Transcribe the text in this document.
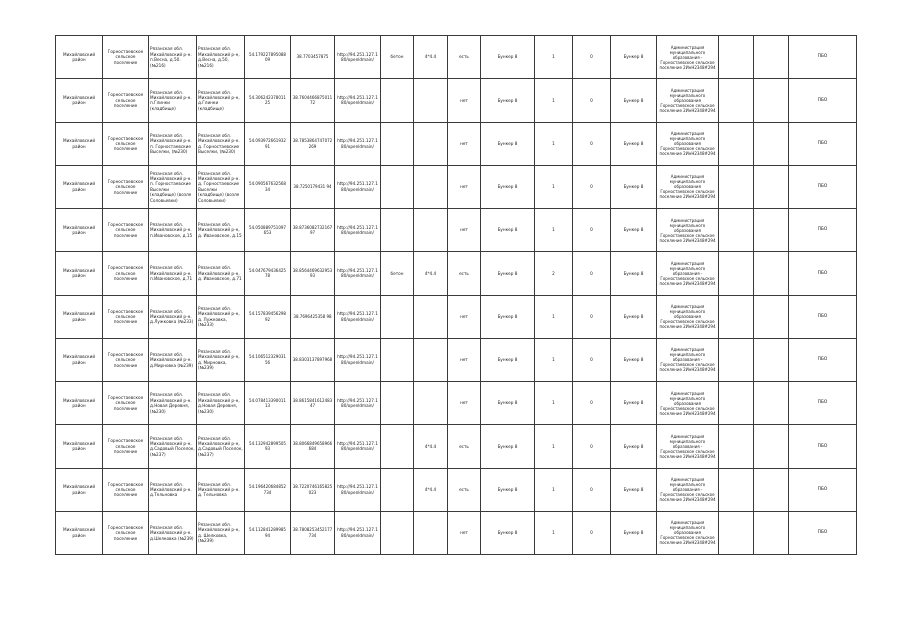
Михайловский район	Горностаевское сельское поселение	Рязанская обл. Михайловский р-н. п.Весна, д.50. (№216)	Рязанская обл. Михайловский р-н, д.Весна, д.50, (№216)	54.179227895088 09	38.7703457875	http://94.251.127.180/openldmain/	бетон	4*4.4	есть	Бункер 8	1	0	Бункер 8	Администрация муниципального образования - Горностаевское сельское поселение 2ИнН2348#294			ПБО
Михайловский район	Горностаевское сельское поселение	Рязанская обл. Михайловский р-н. п.Глинки (кладбище)	Рязанская обл. Михайловский р-н, д.Глинки (кладбище)	54.306242378011 25	38.7604466875011 72	http://94.251.127.180/openldmain/			нет	Бункер 8	1	0	Бункер 8	Администрация муниципального образования Горностаевское сельское поселение 2ИнН2348#294			ПБО
Михайловский район	Горностаевское сельское поселение	Рязанская обл. Михайловский р-н. п. Горностаевские Выселки, (№230)	Рязанская обл. Михайловский р-н. д. Горностаевские Выселки, (№230)	54.093972661932 91	38.7853864747072 269	http://94.251.127.180/openldmain/			нет	Бункер 8	1	0	Бункер 8	Администрация муниципального образования Горностаевское сельское поселение 2ИнН2348#294			ПБО
Михайловский район	Горностаевское сельское поселение	Рязанская обл. Михайловский р-н. п. Горностаевские Выселки (кладбище) (возле Соловьевки)	Рязанская обл. Михайловский р-н. д. Горностаевские Выселки (кладбище) (возле Соловьевки)	54.090567632568 34	38.7250179431 94	http://94.251.127.180/openldmain/			нет	Бункер 8	1	0	Бункер 8	Администрация муниципального образования Горностаевское сельское поселение 2ИнН2348#294			ПБО
Михайловский район	Горностаевское сельское поселение	Рязанская обл. Михайловский р-н. п.Ивановское, д.15	Рязанская обл. Михайловский р-н, д. Ивановское, д.15	54.050889751097 653	38.8736082732167 97	http://94.251.127.180/openldmain/			нет	Бункер 8	1	0	Бункер 8	Администрация муниципального образования Горностаевское сельское поселение 2ИнН2348#294			ПБО
Михайловский район	Горностаевское сельское поселение	Рязанская обл. Михайловский р-н. п.Ивановское, д.71	Рязанская обл. Михайловский р-н, д. Ивановское, д.71	54.047679436425 78	38.8564469632953 93	http://94.251.127.180/openldmain/	бетон	4*4.4	есть	Бункер 8	2	0	Бункер 8	Администрация муниципального образования - Горностаевское сельское поселение 2ИнН2348#294			ПБО
Михайловский район	Горностаевское сельское поселение	Рязанская обл. Михайловский р-н. д.Лужковка (№233)	Рязанская обл. Михайловский р-н, д. Лужковка, (№233)	54.157839456298 92	38.7696425358 98	http://94.251.127.180/openldmain/			нет	Бункер 8	1	0	Бункер 8	Администрация муниципального образования Горностаевское сельское поселение 2ИнН2348#294			ПБО
Михайловский район	Горностаевское сельское поселение	Рязанская обл. Михайловский р-н. д.Мирновка (№239)	Рязанская обл. Михайловский р-н, д. Мирновка, (№239)	54.106512329031 56	38.8303137897968	http://94.251.127.180/openldmain/			нет	Бункер 8	1	0	Бункер 8	Администрация муниципального образования - Горностаевское сельское поселение 2ИнН2348#294			ПБО
Михайловский район	Горностаевское сельское поселение	Рязанская обл. Михайловский р-н. д.Новая Деревня, (№230)	Рязанская обл. Михайловский р-н, д.Новая Деревня, (№230)	54.078413390011 13	38.8615841612483 47	http://94.251.127.180/openldmain/			нет	Бункер 8	1	0	Бункер 8	Администрация муниципального образования Горностаевское сельское поселение 2ИнН2348#294			ПБО
Михайловский район	Горностаевское сельское поселение	Рязанская обл. Михайловский р-н. д.Садовый Поселок, (№237)	Рязанская обл. Михайловский р-н, д.Садовый Поселок, (№237)	54.132942899505 93	38.8066849658966 684	http://94.251.127.180/openldmain/		4*4.4	есть	Бункер 8	1	0	Бункер 8	Администрация муниципального образования - Горностаевское сельское поселение 2ИнН2348#294			ПБО
Михайловский район	Горностаевское сельское поселение	Рязанская обл. Михайловский р-н. д.Тельновка	Рязанская обл. Михайловский р-н. д. Тельновка	54.196420684852 734	38.7220746165825 023	http://94.251.127.180/openldmain/		4*4.4	есть	Бункер 8	1	0	Бункер 8	Администрация муниципального образования - Горностаевское сельское поселение 2ИнН2348#294			ПБО
Михайловский район	Горностаевское сельское поселение	Рязанская обл. Михайловский р-н. д.Шелковка (№239)	Рязанская обл. Михайловский р-н, д. Шелковка, (№239)	54.112841289985 94	38.7808253452177 734	http://94.251.127.180/openldmain/			нет	Бункер 8	1	0	Бункер 8	Администрация муниципального образования Горностаевское сельское поселение 2ИнН2348#294			ПБО
